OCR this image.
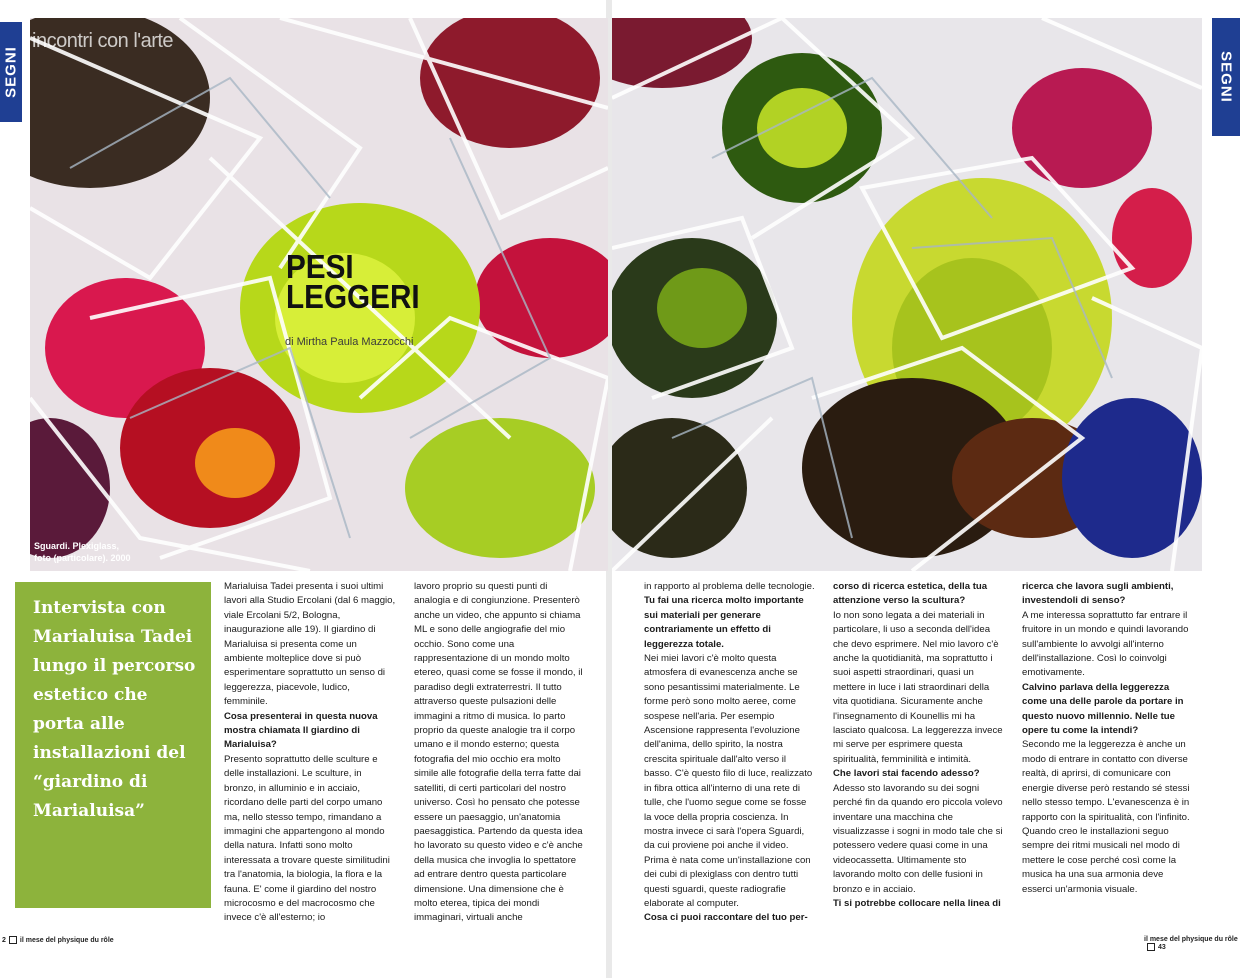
SEGNI	SEGNI
incontri con l'arte
PESI
LEGGERI
di Mirtha Paula Mazzocchi
Sguardi. Plexiglass,
foto (particolare). 2000

Intervista con Marialuisa Tadei lungo il percorso estetico che porta alle installazioni del “giardino di Marialuisa”

Marialuisa Tadei presenta i suoi ultimi lavori alla Studio Ercolani (dal 6 maggio, viale Ercolani 5/2, Bologna, inaugurazione alle 19). Il giardino di Marialuisa si presenta come un ambiente molteplice dove si può esperimentare soprattutto un senso di leggerezza, piacevole, ludico, femminile.

Cosa presenterai in questa nuova mostra chiamata Il giardino di Marialuisa?

Presento soprattutto delle sculture e delle installazioni. Le sculture, in bronzo, in alluminio e in acciaio, ricordano delle parti del corpo umano ma, nello stesso tempo, rimandano a immagini che appartengono al mondo della natura. Infatti sono molto interessata a trovare queste similitudini tra l'anatomia, la biologia, la flora e la fauna. E' come il giardino del nostro microcosmo e del macrocosmo che invece c'è all'esterno; io

lavoro proprio su questi punti di analogia e di congiunzione. Presenterò anche un video, che appunto si chiama ML e sono delle angiografie del mio occhio. Sono come una rappresentazione di un mondo molto etereo, quasi come se fosse il mondo, il paradiso degli extraterrestri. Il tutto attraverso queste pulsazioni delle immagini a ritmo di musica. Io parto proprio da queste analogie tra il corpo umano e il mondo esterno; questa fotografia del mio occhio era molto simile alle fotografie della terra fatte dai satelliti, di certi particolari del nostro universo. Così ho pensato che potesse essere un paesaggio, un'anatomia paesaggistica. Partendo da questa idea ho lavorato su questo video e c'è anche della musica che invoglia lo spettatore ad entrare dentro questa particolare dimensione. Una dimensione che è molto eterea, tipica dei mondi immaginari, virtuali anche

in rapporto al problema delle tecnologie.

Tu fai una ricerca molto importante sui materiali per generare contrariamente un effetto di leggerezza totale.

Nei miei lavori c'è molto questa atmosfera di evanescenza anche se sono pesantissimi materialmente. Le forme però sono molto aeree, come sospese nell'aria. Per esempio Ascensione rappresenta l'evoluzione dell'anima, dello spirito, la nostra crescita spirituale dall'alto verso il basso. C'è questo filo di luce, realizzato in fibra ottica all'interno di una rete di tulle, che l'uomo segue come se fosse la voce della propria coscienza. In mostra invece ci sarà l'opera Sguardi, da cui proviene poi anche il video. Prima è nata come un'installazione con dei cubi di plexiglass con dentro tutti questi sguardi, queste radiografie elaborate al computer.

Cosa ci puoi raccontare del tuo per-

corso di ricerca estetica, della tua attenzione verso la scultura?

Io non sono legata a dei materiali in particolare, li uso a seconda dell'idea che devo esprimere. Nel mio lavoro c'è anche la quotidianità, ma soprattutto i suoi aspetti straordinari, quasi un mettere in luce i lati straordinari della vita quotidiana. Sicuramente anche l'insegnamento di Kounellis mi ha lasciato qualcosa. La leggerezza invece mi serve per esprimere questa spiritualità, femminilità e intimità.

Che lavori stai facendo adesso?

Adesso sto lavorando su dei sogni perché fin da quando ero piccola volevo inventare una macchina che visualizzasse i sogni in modo tale che si potessero vedere quasi come in una videocassetta. Ultimamente sto lavorando molto con delle fusioni in bronzo e in acciaio.

Ti si potrebbe collocare nella linea di

ricerca che lavora sugli ambienti, investendoli di senso?

A me interessa soprattutto far entrare il fruitore in un mondo e quindi lavorando sull'ambiente lo avvolgi all'interno dell'installazione. Così lo coinvolgi emotivamente.

Calvino parlava della leggerezza come una delle parole da portare in questo nuovo millennio. Nelle tue opere tu come la intendi?

Secondo me la leggerezza è anche un modo di entrare in contatto con diverse realtà, di aprirsi, di comunicare con energie diverse però restando sé stessi nello stesso tempo. L'evanescenza è in rapporto con la spiritualità, con l'infinito. Quando creo le installazioni seguo sempre dei ritmi musicali nel modo di mettere le cose perché così come la musica ha una sua armonia deve esserci un'armonia visuale.

2 il mese del physique du rôle	il mese del physique du rôle43
